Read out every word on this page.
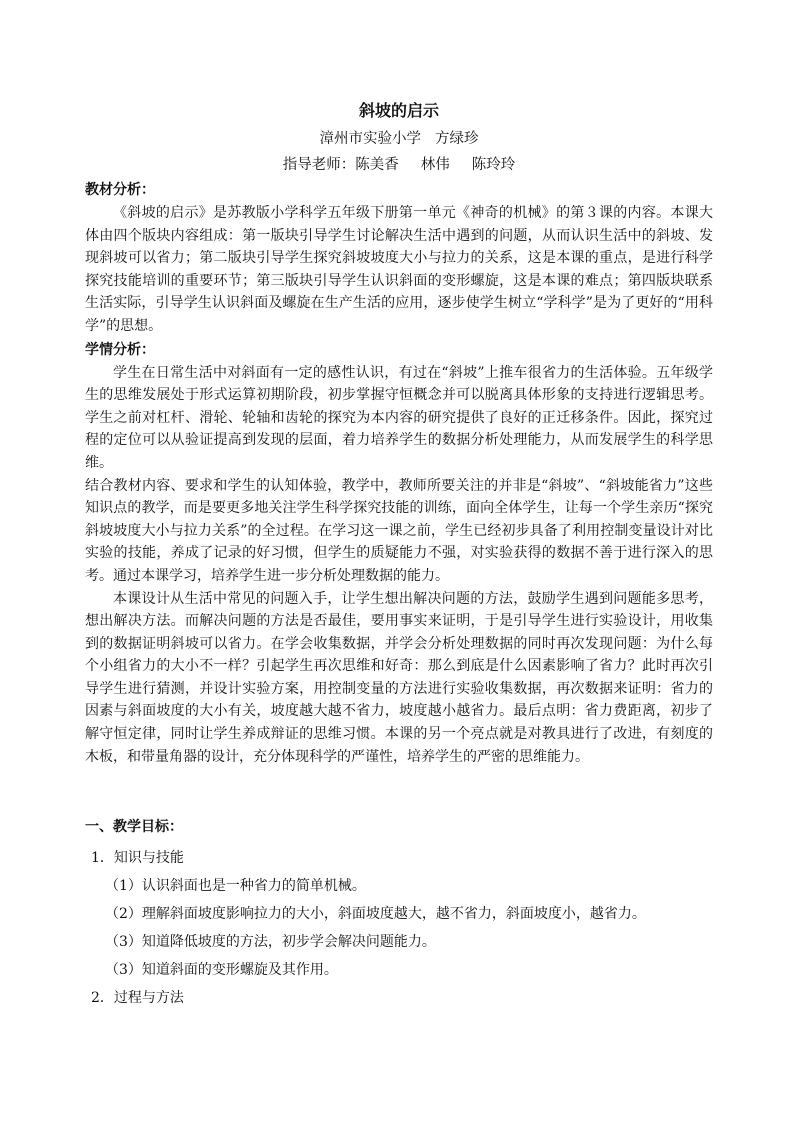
斜坡的启示

漳州市实验小学 方绿珍

指导老师：陈美香 林伟 陈玲玲

教材分析：

《斜坡的启示》是苏教版小学科学五年级下册第一单元《神奇的机械》的第３课的内容。本课大体由四个版块内容组成：第一版块引导学生讨论解决生活中遇到的问题，从而认识生活中的斜坡、发现斜坡可以省力；第二版块引导学生探究斜坡坡度大小与拉力的关系，这是本课的重点，是进行科学探究技能培训的重要环节；第三版块引导学生认识斜面的变形螺旋，这是本课的难点；第四版块联系生活实际，引导学生认识斜面及螺旋在生产生活的应用，逐步使学生树立“学科学”是为了更好的“用科学”的思想。

学情分析：

学生在日常生活中对斜面有一定的感性认识，有过在“斜坡”上推车很省力的生活体验。五年级学生的思维发展处于形式运算初期阶段，初步掌握守恒概念并可以脱离具体形象的支持进行逻辑思考。学生之前对杠杆、滑轮、轮轴和齿轮的探究为本内容的研究提供了良好的正迁移条件。因此，探究过程的定位可以从验证提高到发现的层面，着力培养学生的数据分析处理能力，从而发展学生的科学思维。

结合教材内容、要求和学生的认知体验，教学中，教师所要关注的并非是“斜坡”、“斜坡能省力”这些知识点的教学，而是要更多地关注学生科学探究技能的训练，面向全体学生，让每一个学生亲历“探究斜坡坡度大小与拉力关系”的全过程。在学习这一课之前，学生已经初步具备了利用控制变量设计对比实验的技能，养成了记录的好习惯，但学生的质疑能力不强，对实验获得的数据不善于进行深入的思考。通过本课学习，培养学生进一步分析处理数据的能力。

本课设计从生活中常见的问题入手，让学生想出解决问题的方法，鼓励学生遇到问题能多思考，想出解决方法。而解决问题的方法是否最佳，要用事实来证明，于是引导学生进行实验设计，用收集到的数据证明斜坡可以省力。在学会收集数据，并学会分析处理数据的同时再次发现问题：为什么每个小组省力的大小不一样？引起学生再次思维和好奇：那么到底是什么因素影响了省力？此时再次引导学生进行猜测，并设计实验方案，用控制变量的方法进行实验收集数据，再次数据来证明：省力的因素与斜面坡度的大小有关，坡度越大越不省力，坡度越小越省力。最后点明：省力费距离，初步了解守恒定律，同时让学生养成辩证的思维习惯。本课的另一个亮点就是对教具进行了改进，有刻度的木板，和带量角器的设计，充分体现科学的严谨性，培养学生的严密的思维能力。

一、教学目标：

1．知识与技能

（1）认识斜面也是一种省力的简单机械。

（2）理解斜面坡度影响拉力的大小，斜面坡度越大，越不省力，斜面坡度小，越省力。

（3）知道降低坡度的方法，初步学会解决问题能力。

（3）知道斜面的变形螺旋及其作用。

2．过程与方法
